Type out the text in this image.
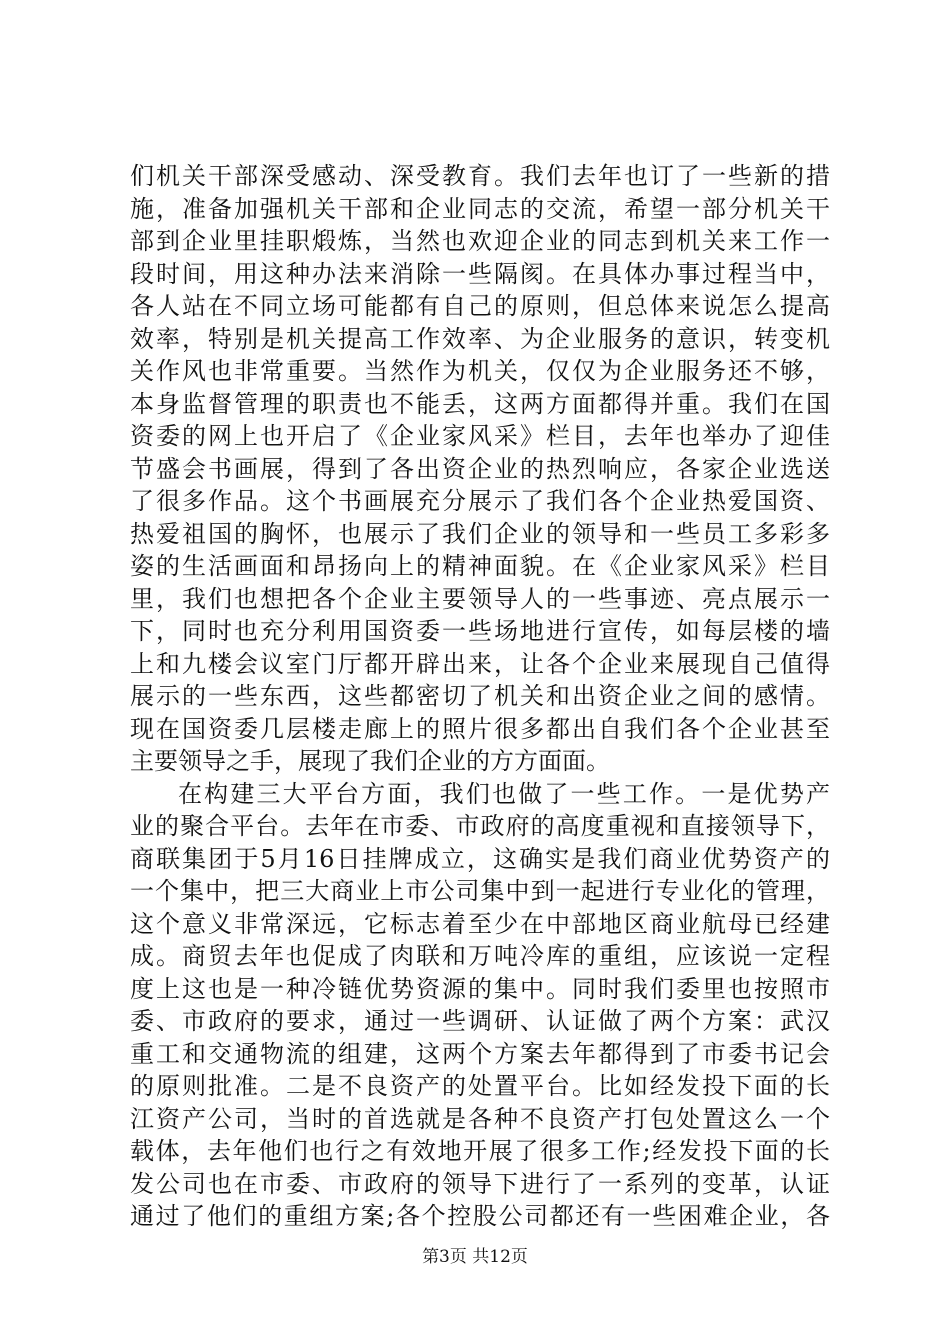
们机关干部深受感动、深受教育。我们去年也订了一些新的措
施，准备加强机关干部和企业同志的交流，希望一部分机关干
部到企业里挂职煅炼，当然也欢迎企业的同志到机关来工作一
段时间，用这种办法来消除一些隔阂。在具体办事过程当中，
各人站在不同立场可能都有自己的原则，但总体来说怎么提高
效率，特别是机关提高工作效率、为企业服务的意识，转变机
关作风也非常重要。当然作为机关，仅仅为企业服务还不够，
本身监督管理的职责也不能丢，这两方面都得并重。我们在国
资委的网上也开启了《企业家风采》栏目，去年也举办了迎佳
节盛会书画展，得到了各出资企业的热烈响应，各家企业选送
了很多作品。这个书画展充分展示了我们各个企业热爱国资、
热爱祖国的胸怀，也展示了我们企业的领导和一些员工多彩多
姿的生活画面和昂扬向上的精神面貌。在《企业家风采》栏目
里，我们也想把各个企业主要领导人的一些事迹、亮点展示一
下，同时也充分利用国资委一些场地进行宣传，如每层楼的墙
上和九楼会议室门厅都开辟出来，让各个企业来展现自己值得
展示的一些东西，这些都密切了机关和出资企业之间的感情。
现在国资委几层楼走廊上的照片很多都出自我们各个企业甚至
主要领导之手，展现了我们企业的方方面面。
在构建三大平台方面，我们也做了一些工作。一是优势产
业的聚合平台。去年在市委、市政府的高度重视和直接领导下，
商联集团于5月16日挂牌成立，这确实是我们商业优势资产的
一个集中，把三大商业上市公司集中到一起进行专业化的管理，
这个意义非常深远，它标志着至少在中部地区商业航母已经建
成。商贸去年也促成了肉联和万吨冷库的重组，应该说一定程
度上这也是一种冷链优势资源的集中。同时我们委里也按照市
委、市政府的要求，通过一些调研、认证做了两个方案：武汉
重工和交通物流的组建，这两个方案去年都得到了市委书记会
的原则批准。二是不良资产的处置平台。比如经发投下面的长
江资产公司，当时的首选就是各种不良资产打包处置这么一个
载体，去年他们也行之有效地开展了很多工作;经发投下面的长
发公司也在市委、市政府的领导下进行了一系列的变革，认证
通过了他们的重组方案;各个控股公司都还有一些困难企业，各
第3页 共12页
